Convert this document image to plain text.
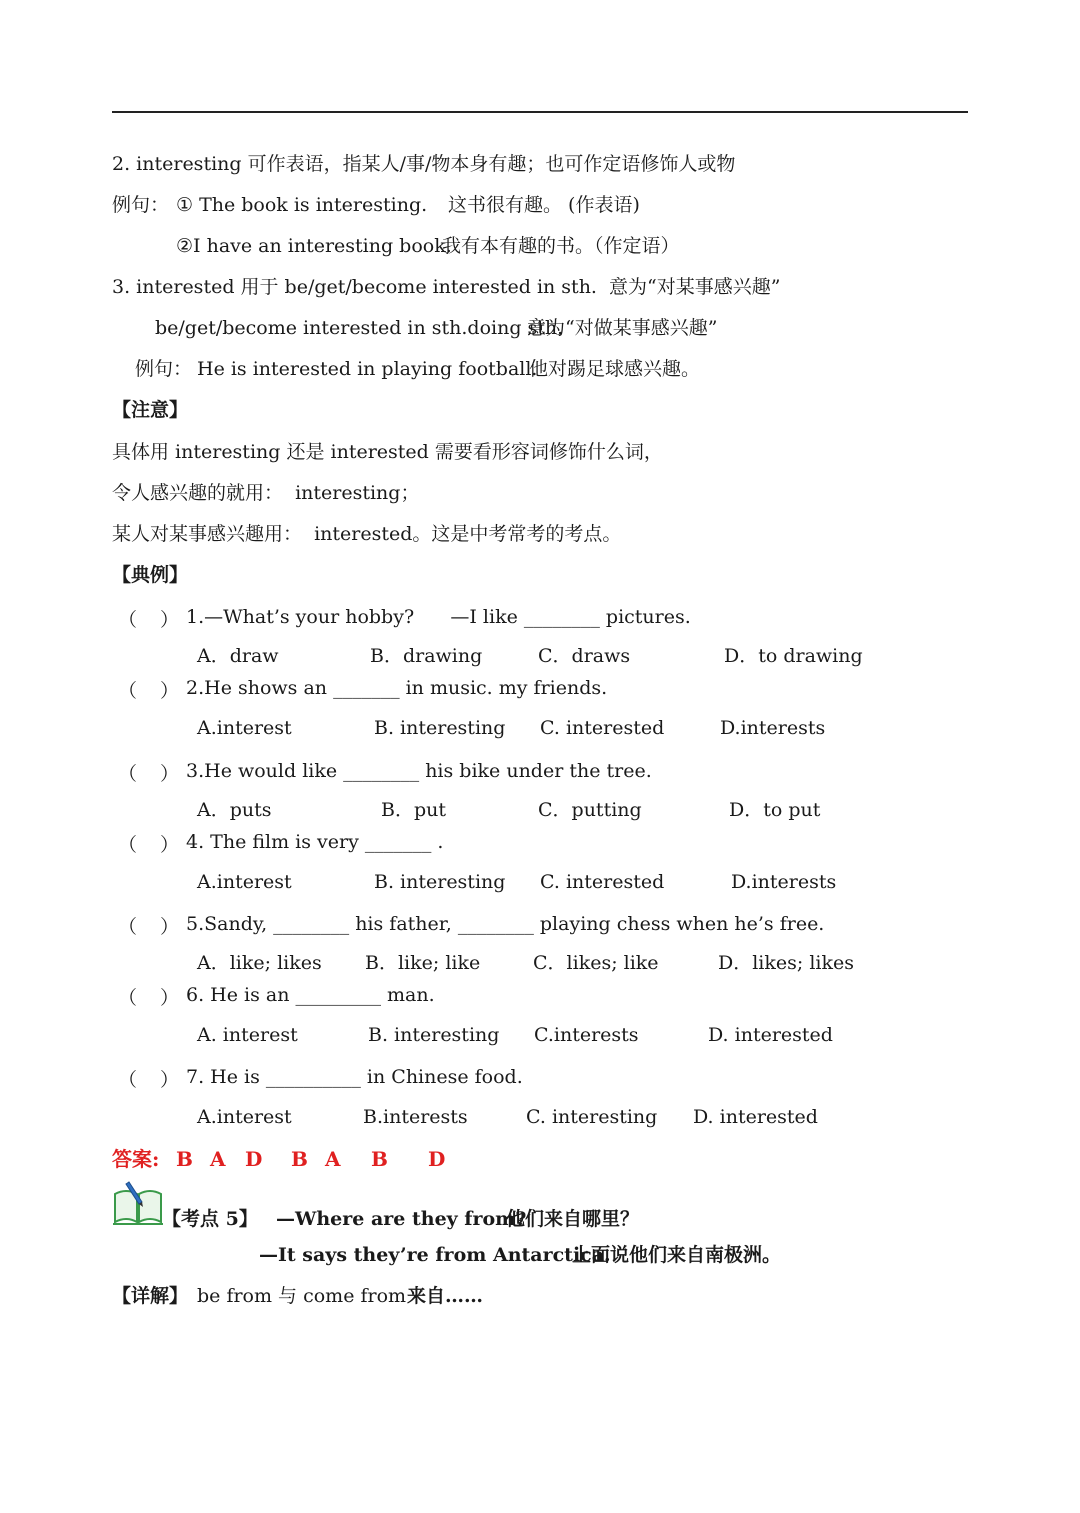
2. interesting 可作表语，指某人/事/物本身有趣；也可作定语修饰人或物
例句： ① The book is interesting. 这书很有趣。 (作表语)
②I have an interesting book.
我有本有趣的书。（作定语）
3. interested 用于 be/get/become interested in sth.  意为“对某事感兴趣”
be/get/become interested in sth.doing sth.
意为“对做某事感兴趣”
例句： He is interested in playing football.
他对踢足球感兴趣。
【注意】
具体用 interesting 还是 interested 需要看形容词修饰什么词，
令人感兴趣的就用：  interesting；
某人对某事感兴趣用：  interested。这是中考常考的考点。
【典例】
（ ） 1.—What’s your hobby?      —I like ________ pictures.
A．draw	B．drawing	C．draws	D．to drawing
（ ） 2.He shows an _______ in music. my friends.
A.interest	B. interesting C. interested	D.interests
（ ） 3.He would like ________ his bike under the tree.
A．puts	B．put	C．putting	D．to put
（ ） 4. The film is very _______ .
A.interest	B. interesting C. interested	D.interests
（ ） 5.Sandy, ________ his father, ________ playing chess when he’s free.
A．like; likes B．like; like	C．likes; like	D．likes; likes
（ ） 6. He is an _________ man.
A. interest	B. interesting C.interests	D. interested
（ ） 7. He is __________ in Chinese food.
A.interest	B.interests	C. interesting D. interested
答案: B A D B A B D
【考点 5】 —Where are they from?
他们来自哪里？
—It says they’re from Antarctica.
上面说他们来自南极洲。
【详解】 be from 与 come from 来自……
